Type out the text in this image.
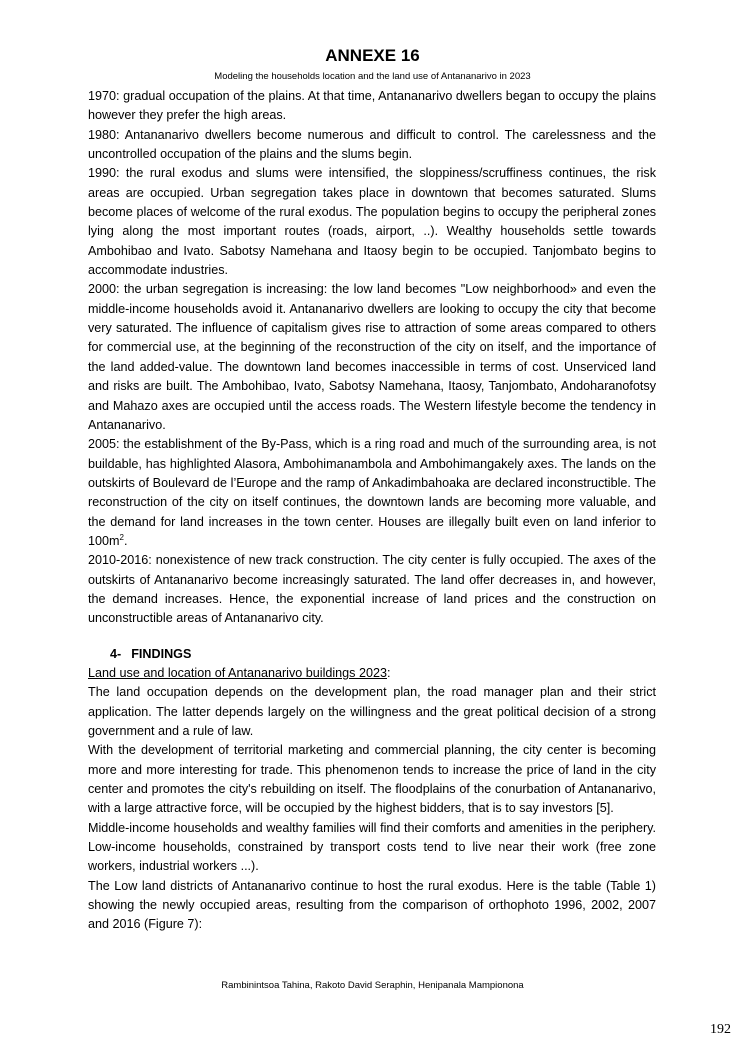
ANNEXE 16
Modeling the households location and the land use of Antananarivo in 2023

1970: gradual occupation of the plains. At that time, Antananarivo dwellers began to occupy the plains however they prefer the high areas.

1980: Antananarivo dwellers become numerous and difficult to control. The carelessness and the uncontrolled occupation of the plains and the slums begin.

1990: the rural exodus and slums were intensified, the sloppiness/scruffiness continues, the risk areas are occupied. Urban segregation takes place in downtown that becomes saturated. Slums become places of welcome of the rural exodus. The population begins to occupy the peripheral zones lying along the most important routes (roads, airport, ..). Wealthy households settle towards Ambohibao and Ivato. Sabotsy Namehana and Itaosy begin to be occupied. Tanjombato begins to accommodate industries.

2000: the urban segregation is increasing: the low land becomes "Low neighborhood» and even the middle-income households avoid it. Antananarivo dwellers are looking to occupy the city that become very saturated. The influence of capitalism gives rise to attraction of some areas compared to others for commercial use, at the beginning of the reconstruction of the city on itself, and the importance of the land added-value. The downtown land becomes inaccessible in terms of cost. Unserviced land and risks are built. The Ambohibao, Ivato, Sabotsy Namehana, Itaosy, Tanjombato, Andoharanofotsy and Mahazo axes are occupied until the access roads. The Western lifestyle become the tendency in Antananarivo.

2005: the establishment of the By-Pass, which is a ring road and much of the surrounding area, is not buildable, has highlighted Alasora, Ambohimanambola and Ambohimangakely axes. The lands on the outskirts of Boulevard de l’Europe and the ramp of Ankadimbahoaka are declared inconstructible. The reconstruction of the city on itself continues, the downtown lands are becoming more valuable, and the demand for land increases in the town center. Houses are illegally built even on land inferior to $100m^2$.

2010-2016: nonexistence of new track construction. The city center is fully occupied. The axes of the outskirts of Antananarivo become increasingly saturated. The land offer decreases in, and however, the demand increases. Hence, the exponential increase of land prices and the construction on unconstructible areas of Antananarivo city.

4- FINDINGS

Land use and location of Antananarivo buildings 2023:

The land occupation depends on the development plan, the road manager plan and their strict application. The latter depends largely on the willingness and the great political decision of a strong government and a rule of law.

With the development of territorial marketing and commercial planning, the city center is becoming more and more interesting for trade. This phenomenon tends to increase the price of land in the city center and promotes the city's rebuilding on itself. The floodplains of the conurbation of Antananarivo, with a large attractive force, will be occupied by the highest bidders, that is to say investors [5].

Middle-income households and wealthy families will find their comforts and amenities in the periphery. Low-income households, constrained by transport costs tend to live near their work (free zone workers, industrial workers ...).

The Low land districts of Antananarivo continue to host the rural exodus. Here is the table (Table 1) showing the newly occupied areas, resulting from the comparison of orthophoto 1996, 2002, 2007 and 2016 (Figure 7):

Rambinintsoa Tahina, Rakoto David Seraphin, Henipanala Mampionona
192
